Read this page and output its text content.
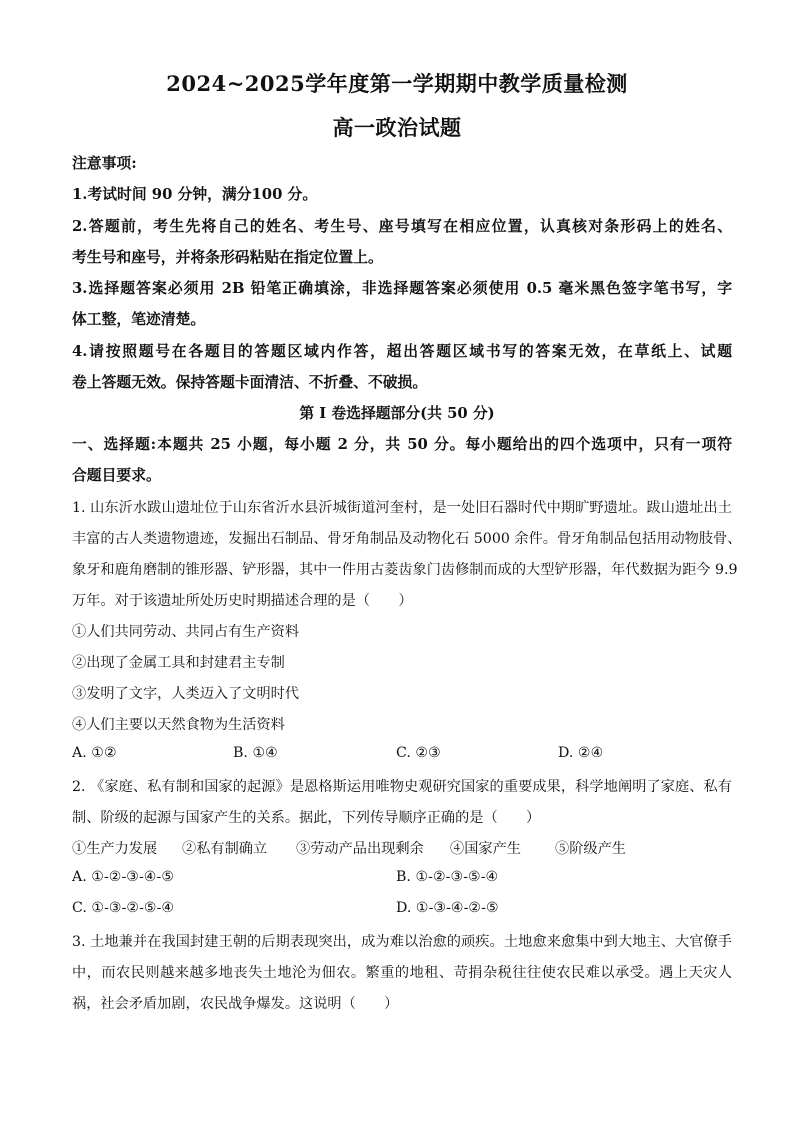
2024~2025学年度第一学期期中教学质量检测
高一政治试题
注意事项:
1.考试时间 90 分钟，满分100 分。
2.答题前，考生先将自己的姓名、考生号、座号填写在相应位置，认真核对条形码上的姓名、
考生号和座号，并将条形码粘贴在指定位置上。
3.选择题答案必须用 2B 铅笔正确填涂，非选择题答案必须使用 0.5 毫米黑色签字笔书写，字
体工整，笔迹清楚。
4.请按照题号在各题目的答题区域内作答，超出答题区域书写的答案无效，在草纸上、试题
卷上答题无效。保持答题卡面清洁、不折叠、不破损。
第 I 卷选择题部分(共 50 分)
一、选择题:本题共 25 小题，每小题 2 分，共 50 分。每小题给出的四个选项中，只有一项符
合题目要求。
1. 山东沂水跋山遗址位于山东省沂水县沂城街道河奎村，是一处旧石器时代中期旷野遗址。跋山遗址出土
丰富的古人类遗物遗迹，发掘出石制品、骨牙角制品及动物化石 5000 余件。骨牙角制品包括用动物肢骨、
象牙和鹿角磨制的锥形器、铲形器，其中一件用古菱齿象门齿修制而成的大型铲形器，年代数据为距今 9.9
万年。对于该遗址所处历史时期描述合理的是（　　）
①人们共同劳动、共同占有生产资料
②出现了金属工具和封建君主专制
③发明了文字，人类迈入了文明时代
④人们主要以天然食物为生活资料
A. ①②	B. ①④	C. ②③	D. ②④
2. 《家庭、私有制和国家的起源》是恩格斯运用唯物史观研究国家的重要成果，科学地阐明了家庭、私有
制、阶级的起源与国家产生的关系。据此，下列传导顺序正确的是（　　）
①生产力发展 ②私有制确立 ③劳动产品出现剩余 ④国家产生 ⑤阶级产生
A. ①-②-③-④-⑤	B. ①-②-③-⑤-④
C. ①-③-②-⑤-④	D. ①-③-④-②-⑤
3. 土地兼并在我国封建王朝的后期表现突出，成为难以治愈的顽疾。土地愈来愈集中到大地主、大官僚手
中，而农民则越来越多地丧失土地沦为佃农。繁重的地租、苛捐杂税往往使农民难以承受。遇上天灾人
祸，社会矛盾加剧，农民战争爆发。这说明（　　）
